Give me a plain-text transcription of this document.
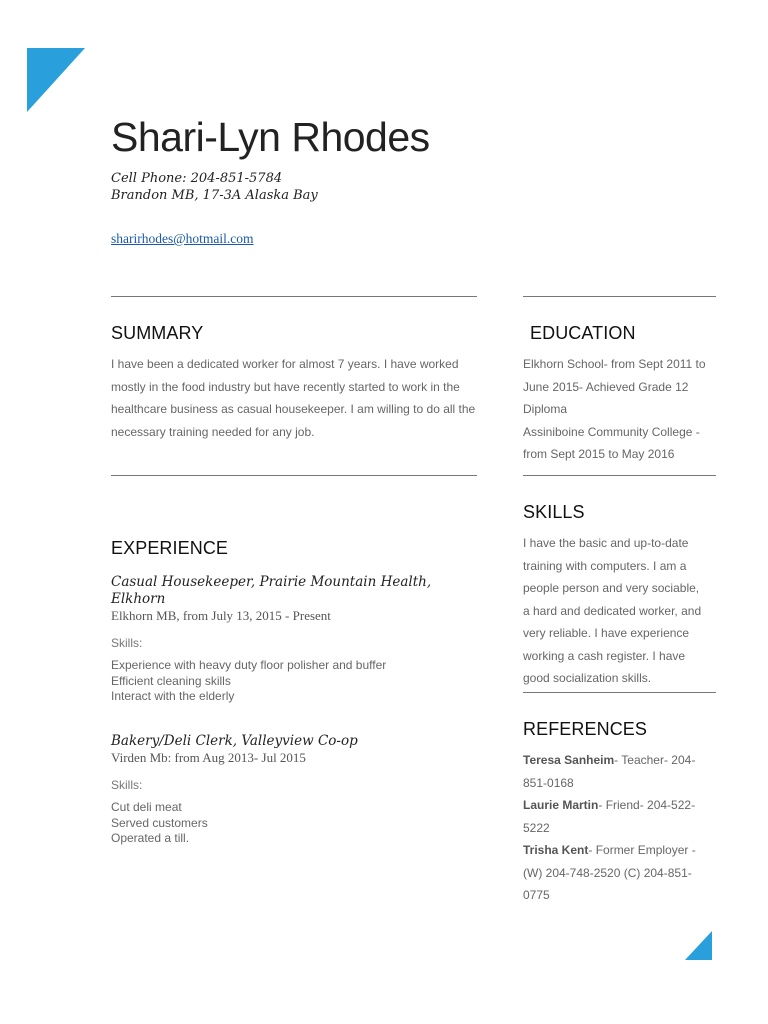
Shari-Lyn Rhodes
Cell Phone: 204-851-5784
Brandon MB, 17-3A Alaska Bay
sharirhodes@hotmail.com
SUMMARY
I have been a dedicated worker for almost 7 years. I have worked mostly in the food industry but have recently started to work in the healthcare business as casual housekeeper. I am willing to do all the necessary training needed for any job.
EXPERIENCE
Casual Housekeeper, Prairie Mountain Health, Elkhorn
Elkhorn MB, from July 13, 2015 - Present
Skills:
Experience with heavy duty floor polisher and buffer
Efficient cleaning skills
Interact with the elderly
Bakery/Deli Clerk, Valleyview Co-op
Virden Mb: from Aug 2013- Jul 2015
Skills:
Cut deli meat
Served customers
Operated a till.
EDUCATION
Elkhorn School- from Sept 2011 to
June 2015- Achieved Grade 12
Diploma
Assiniboine Community College -
from Sept 2015 to May 2016
SKILLS
I have the basic and up-to-date
training with computers. I am a
people person and very sociable,
a hard and dedicated worker, and
very reliable. I have experience
working a cash register. I have
good socialization skills.
REFERENCES
Teresa Sanheim- Teacher- 204-
851-0168
Laurie Martin- Friend- 204-522-
5222
Trisha Kent- Former Employer -
(W) 204-748-2520 (C) 204-851-
0775
